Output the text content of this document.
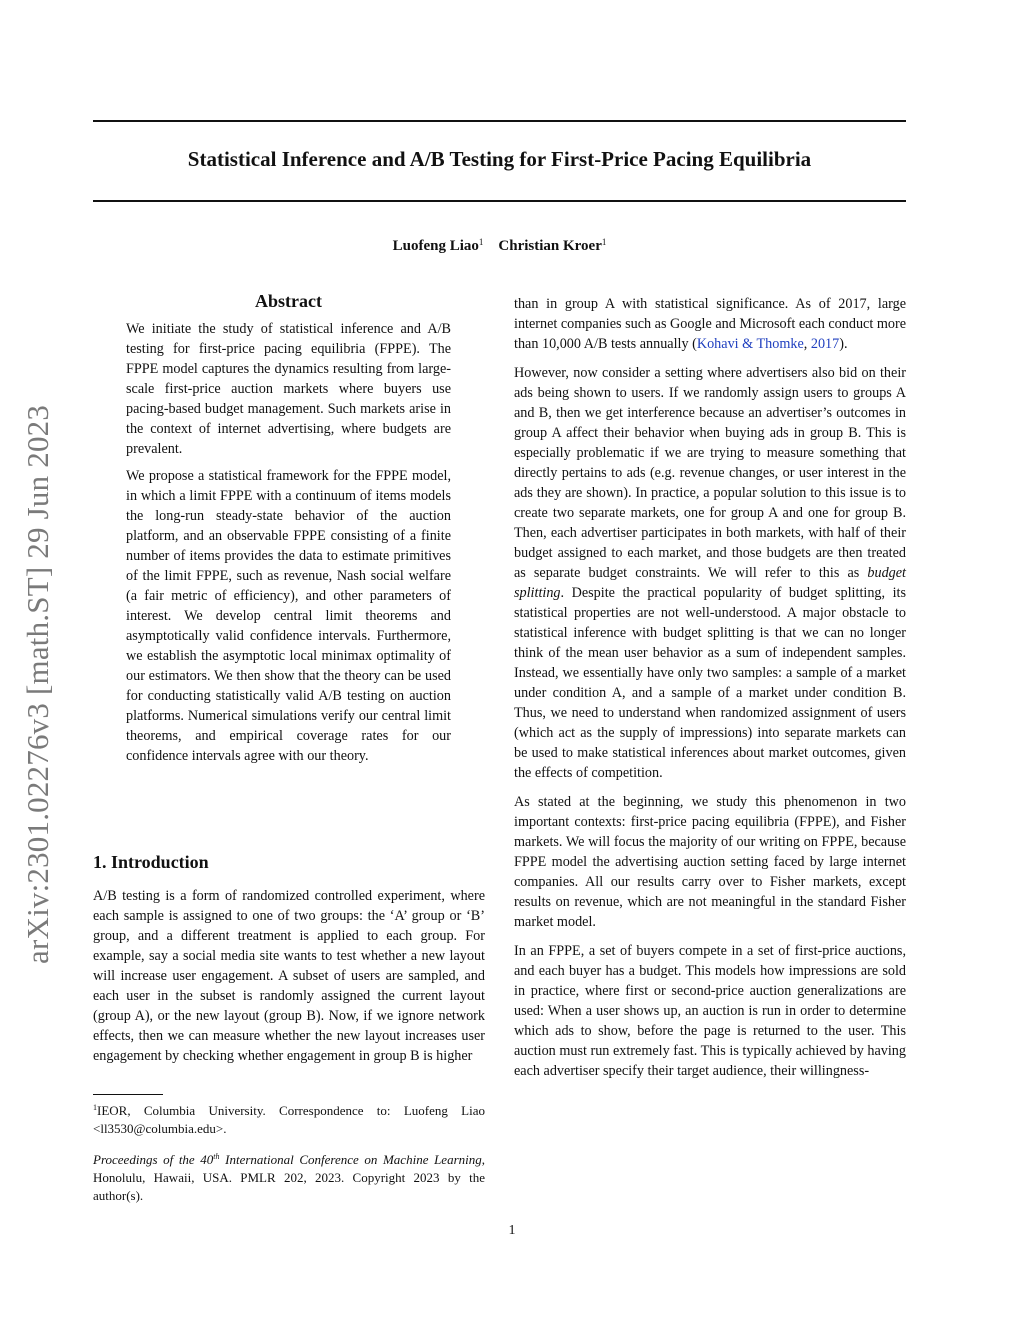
Statistical Inference and A/B Testing for First-Price Pacing Equilibria
Luofeng Liao$^1$ Christian Kroer$^1$
arXiv:2301.02276v3 [math.ST] 29 Jun 2023
Abstract

We initiate the study of statistical inference and A/B testing for first-price pacing equilibria (FPPE). The FPPE model captures the dynamics resulting from large-scale first-price auction markets where buyers use pacing-based budget management. Such markets arise in the context of internet advertising, where budgets are prevalent.

We propose a statistical framework for the FPPE model, in which a limit FPPE with a continuum of items models the long-run steady-state behavior of the auction platform, and an observable FPPE consisting of a finite number of items provides the data to estimate primitives of the limit FPPE, such as revenue, Nash social welfare (a fair metric of efficiency), and other parameters of interest. We develop central limit theorems and asymptotically valid confidence intervals. Furthermore, we establish the asymptotic local minimax optimality of our estimators. We then show that the theory can be used for conducting statistically valid A/B testing on auction platforms. Numerical simulations verify our central limit theorems, and empirical coverage rates for our confidence intervals agree with our theory.

1. Introduction

A/B testing is a form of randomized controlled experiment, where each sample is assigned to one of two groups: the ‘A’ group or ‘B’ group, and a different treatment is applied to each group. For example, say a social media site wants to test whether a new layout will increase user engagement. A subset of users are sampled, and each user in the subset is randomly assigned the current layout (group A), or the new layout (group B). Now, if we ignore network effects, then we can measure whether the new layout increases user engagement by checking whether engagement in group B is higher

$^1$IEOR, Columbia University. Correspondence to: Luofeng Liao <ll3530@columbia.edu>.

Proceedings of the 40th International Conference on Machine Learning, Honolulu, Hawaii, USA. PMLR 202, 2023. Copyright 2023 by the author(s).

than in group A with statistical significance. As of 2017, large internet companies such as Google and Microsoft each conduct more than 10,000 A/B tests annually (Kohavi & Thomke, 2017).

However, now consider a setting where advertisers also bid on their ads being shown to users. If we randomly assign users to groups A and B, then we get interference because an advertiser’s outcomes in group A affect their behavior when buying ads in group B. This is especially problematic if we are trying to measure something that directly pertains to ads (e.g. revenue changes, or user interest in the ads they are shown). In practice, a popular solution to this issue is to create two separate markets, one for group A and one for group B. Then, each advertiser participates in both markets, with half of their budget assigned to each market, and those budgets are then treated as separate budget constraints. We will refer to this as budget splitting. Despite the practical popularity of budget splitting, its statistical properties are not well-understood. A major obstacle to statistical inference with budget splitting is that we can no longer think of the mean user behavior as a sum of independent samples. Instead, we essentially have only two samples: a sample of a market under condition A, and a sample of a market under condition B. Thus, we need to understand when randomized assignment of users (which act as the supply of impressions) into separate markets can be used to make statistical inferences about market outcomes, given the effects of competition.

As stated at the beginning, we study this phenomenon in two important contexts: first-price pacing equilibria (FPPE), and Fisher markets. We will focus the majority of our writing on FPPE, because FPPE model the advertising auction setting faced by large internet companies. All our results carry over to Fisher markets, except results on revenue, which are not meaningful in the standard Fisher market model.

In an FPPE, a set of buyers compete in a set of first-price auctions, and each buyer has a budget. This models how impressions are sold in practice, where first or second-price auction generalizations are used: When a user shows up, an auction is run in order to determine which ads to show, before the page is returned to the user. This auction must run extremely fast. This is typically achieved by having each advertiser specify their target audience, their willingness-

1
